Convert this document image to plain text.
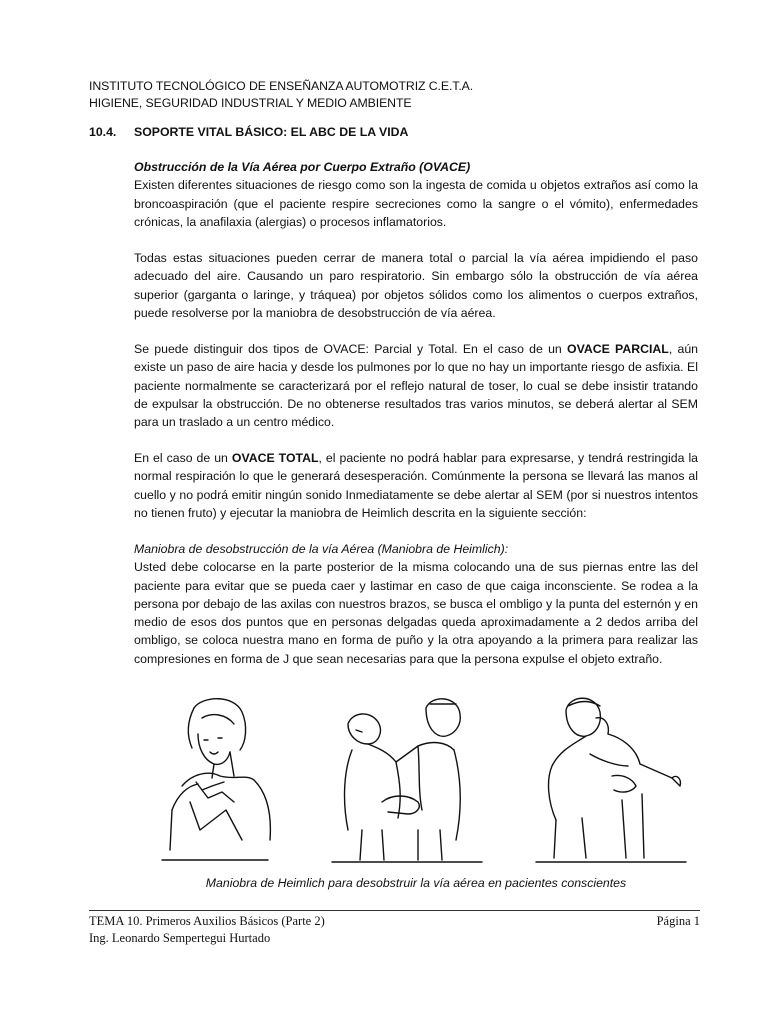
INSTITUTO TECNOLÓGICO DE ENSEÑANZA AUTOMOTRIZ C.E.T.A.
HIGIENE, SEGURIDAD INDUSTRIAL Y MEDIO AMBIENTE
10.4. SOPORTE VITAL BÁSICO: EL ABC DE LA VIDA

Obstrucción de la Vía Aérea por Cuerpo Extraño (OVACE)

Existen diferentes situaciones de riesgo como son la ingesta de comida u objetos extraños así como la broncoaspiración (que el paciente respire secreciones como la sangre o el vómito), enfermedades crónicas, la anafilaxia (alergias) o procesos inflamatorios.

Todas estas situaciones pueden cerrar de manera total o parcial la vía aérea impidiendo el paso adecuado del aire. Causando un paro respiratorio. Sin embargo sólo la obstrucción de vía aérea superior (garganta o laringe, y tráquea) por objetos sólidos como los alimentos o cuerpos extraños, puede resolverse por la maniobra de desobstrucción de vía aérea.

Se puede distinguir dos tipos de OVACE: Parcial y Total. En el caso de un OVACE PARCIAL, aún existe un paso de aire hacia y desde los pulmones por lo que no hay un importante riesgo de asfixia. El paciente normalmente se caracterizará por el reflejo natural de toser, lo cual se debe insistir tratando de expulsar la obstrucción. De no obtenerse resultados tras varios minutos, se deberá alertar al SEM para un traslado a un centro médico.

En el caso de un OVACE TOTAL, el paciente no podrá hablar para expresarse, y tendrá restringida la normal respiración lo que le generará desesperación. Comúnmente la persona se llevará las manos al cuello y no podrá emitir ningún sonido Inmediatamente se debe alertar al SEM (por si nuestros intentos no tienen fruto) y ejecutar la maniobra de Heimlich descrita en la siguiente sección:

Maniobra de desobstrucción de la vía Aérea (Maniobra de Heimlich):

Usted debe colocarse en la parte posterior de la misma colocando una de sus piernas entre las del paciente para evitar que se pueda caer y lastimar en caso de que caiga inconsciente. Se rodea a la persona por debajo de las axilas con nuestros brazos, se busca el ombligo y la punta del esternón y en medio de esos dos puntos que en personas delgadas queda aproximadamente a 2 dedos arriba del ombligo, se coloca nuestra mano en forma de puño y la otra apoyando a la primera para realizar las compresiones en forma de J que sean necesarias para que la persona expulse el objeto extraño.

Maniobra de Heimlich para desobstruir la vía aérea en pacientes conscientes
TEMA 10. Primeros Auxilios Básicos (Parte 2)	Página 1
Ing. Leonardo Sempertegui Hurtado
